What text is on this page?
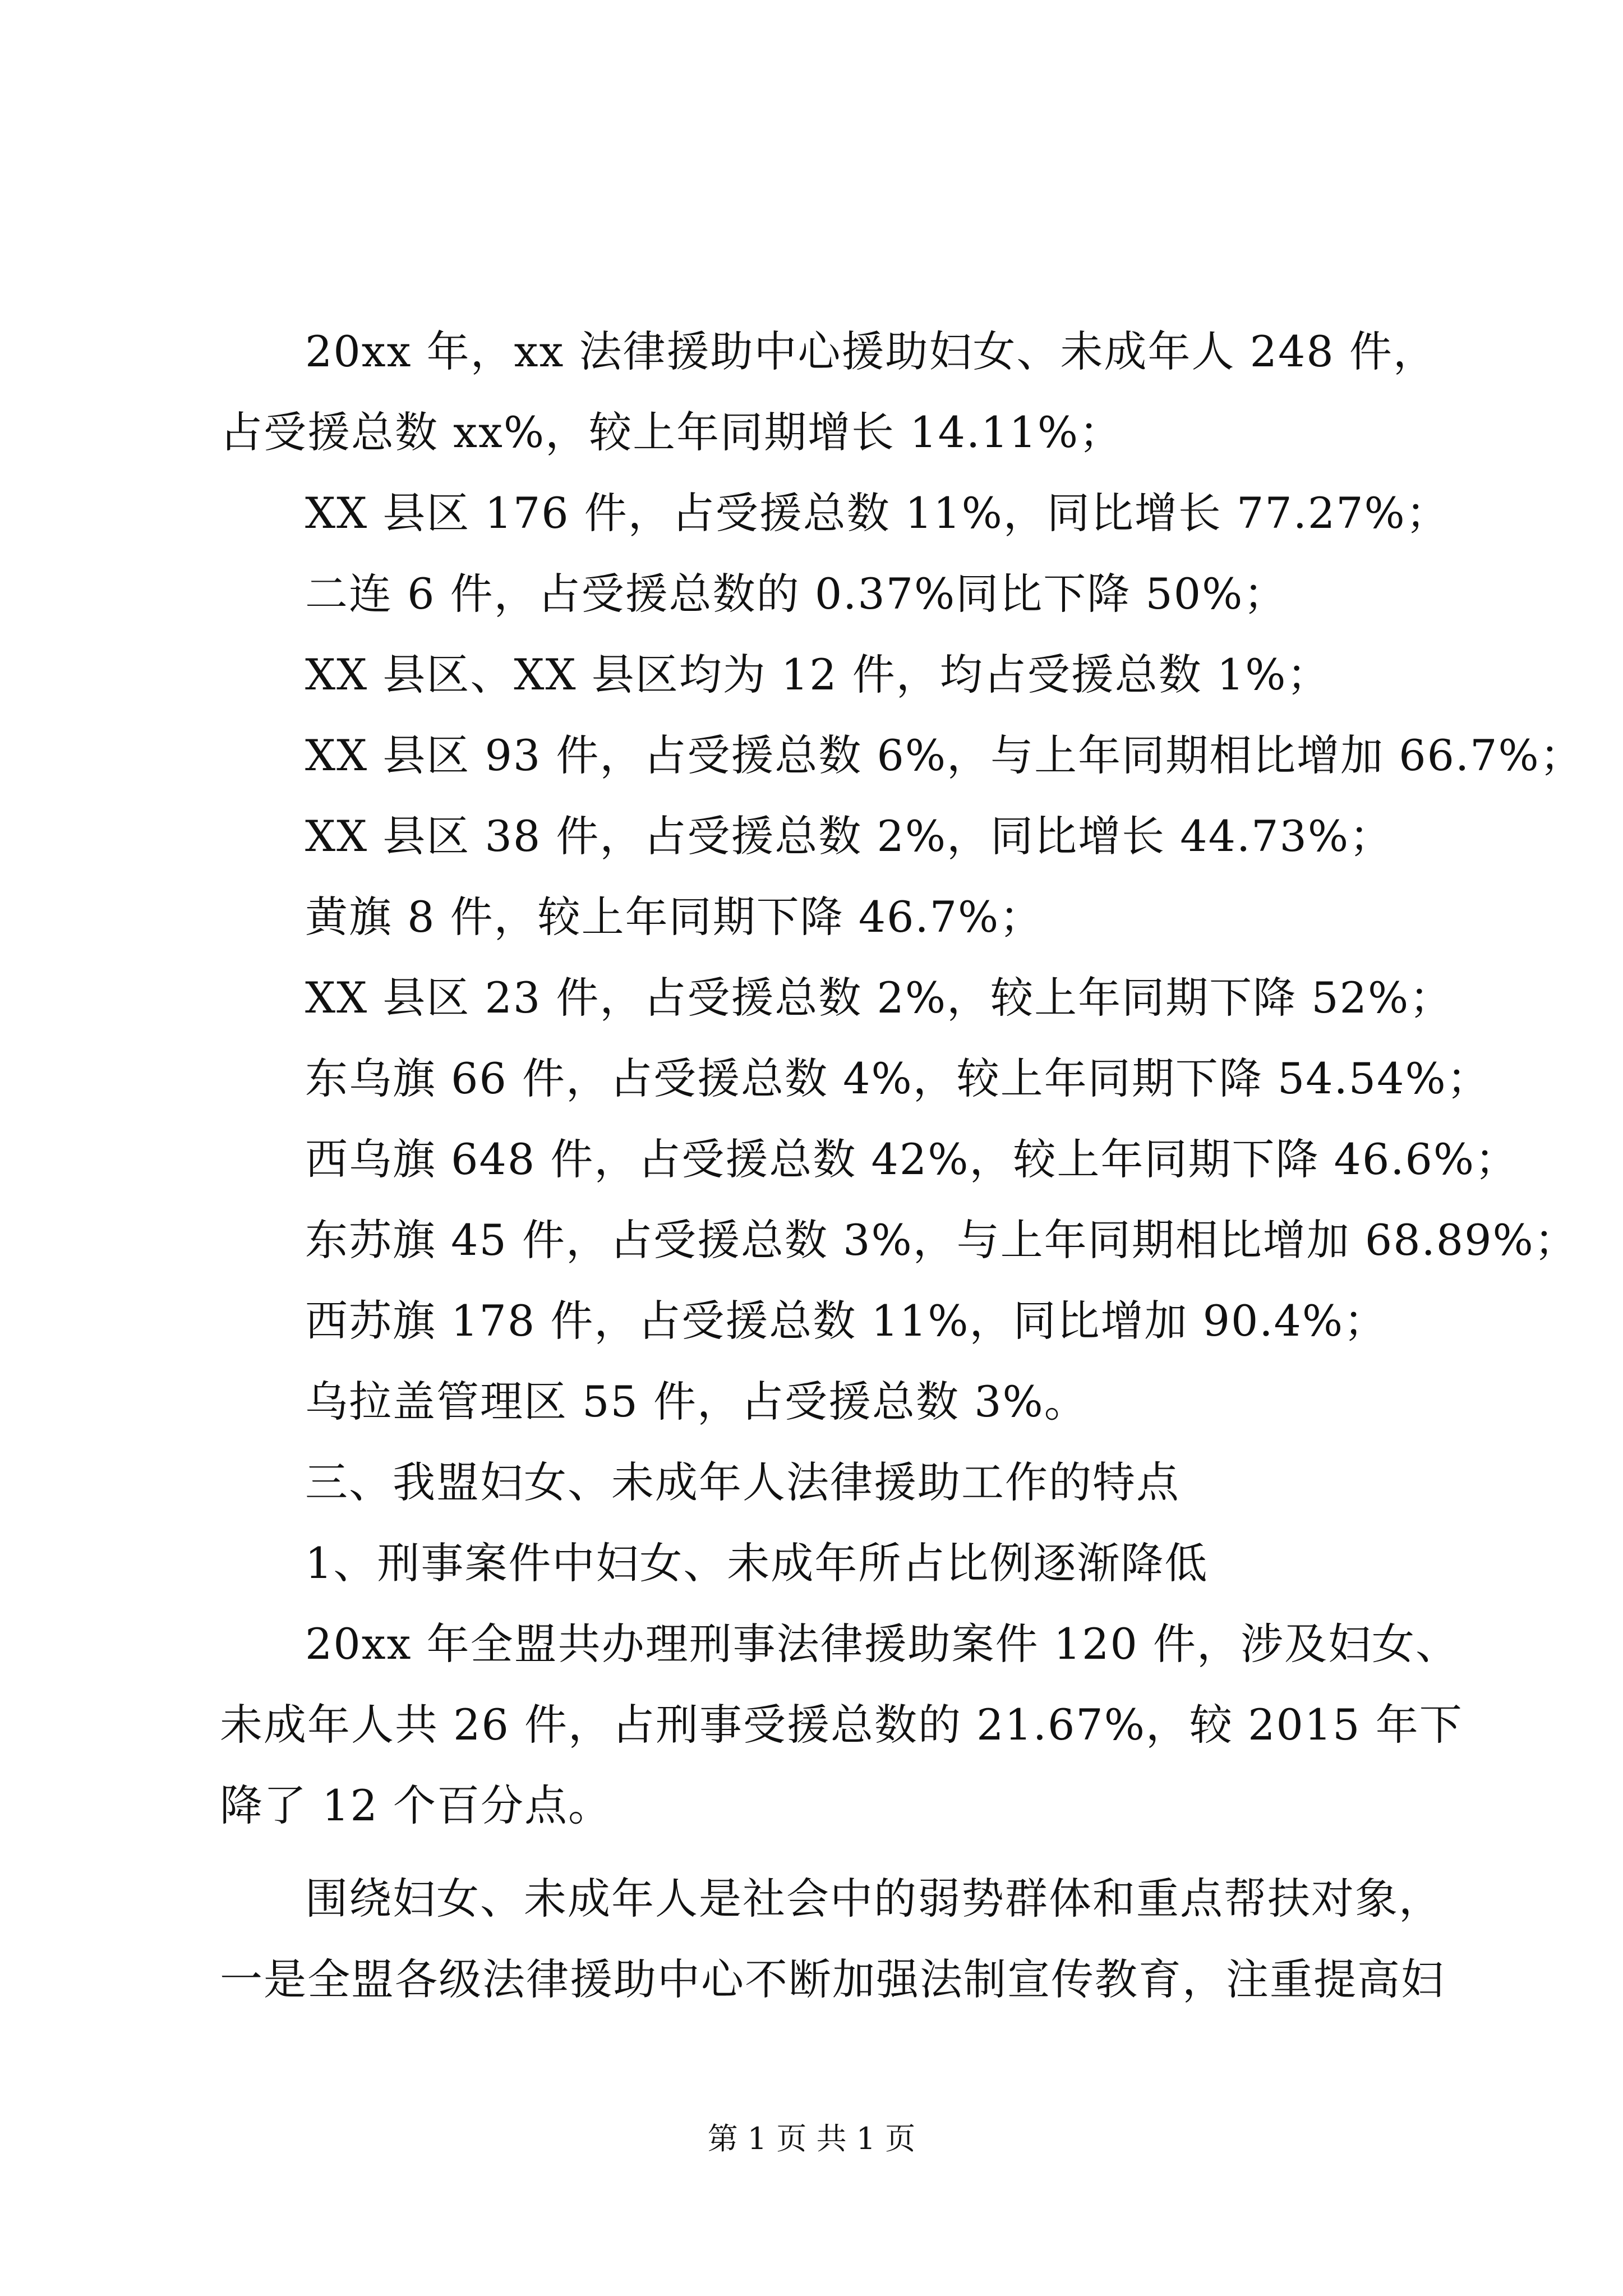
20xx 年，xx 法律援助中心援助妇女、未成年人 248 件，占受援总数 xx%，较上年同期增长 14.11%；

XX 县区 176 件，占受援总数 11%，同比增长 77.27%；

二连 6 件，占受援总数的 0.37%同比下降 50%；

XX 县区、XX 县区均为 12 件，均占受援总数 1%；

XX 县区 93 件，占受援总数 6%，与上年同期相比增加 66.7%；

XX 县区 38 件，占受援总数 2%，同比增长 44.73%；

黄旗 8 件，较上年同期下降 46.7%；

XX 县区 23 件，占受援总数 2%，较上年同期下降 52%；

东乌旗 66 件，占受援总数 4%，较上年同期下降 54.54%；

西乌旗 648 件，占受援总数 42%，较上年同期下降 46.6%；

东苏旗 45 件，占受援总数 3%，与上年同期相比增加 68.89%；

西苏旗 178 件，占受援总数 11%，同比增加 90.4%；

乌拉盖管理区 55 件，占受援总数 3%。

三、我盟妇女、未成年人法律援助工作的特点

1、刑事案件中妇女、未成年所占比例逐渐降低

20xx 年全盟共办理刑事法律援助案件 120 件，涉及妇女、未成年人共 26 件，占刑事受援总数的 21.67%，较 2015 年下降了 12 个百分点。

围绕妇女、未成年人是社会中的弱势群体和重点帮扶对象，一是全盟各级法律援助中心不断加强法制宣传教育，注重提高妇

第 1 页 共 1 页
